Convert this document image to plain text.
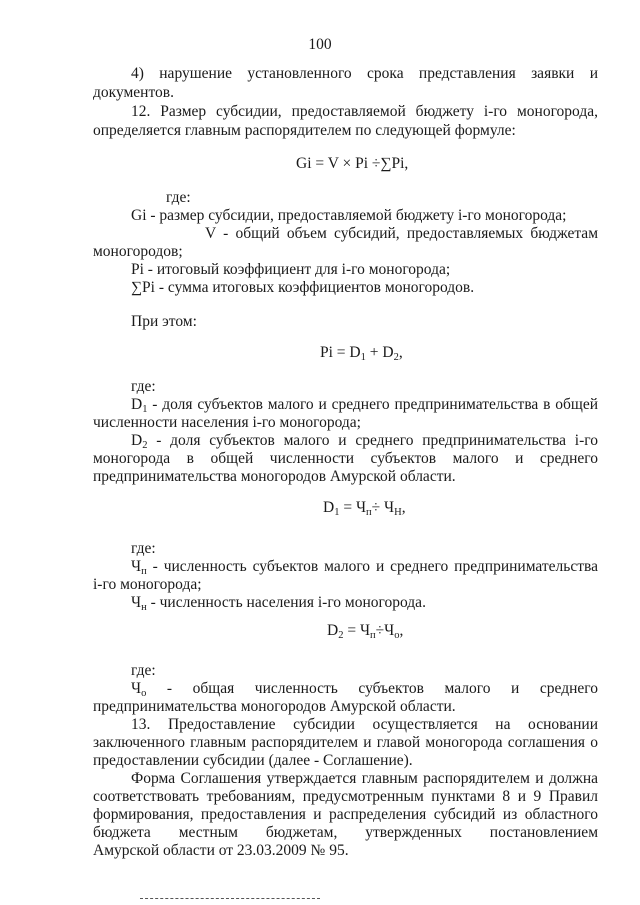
100
4) нарушение установленного срока представления заявки и
документов.
12. Размер субсидии, предоставляемой бюджету i-го моногорода,
определяется главным распорядителем по следующей формуле:
Gi = V × Pi ÷∑Pi,
где:
Gi - размер субсидии, предоставляемой бюджету i-го моногорода;
V - общий объем субсидий, предоставляемых бюджетам
моногородов;
Pi - итоговый коэффициент для i-го моногорода;
∑Pi - сумма итоговых коэффициентов моногородов.
При этом:
$Pi = D_1 + D_2$,
где:
$D_1$ - доля субъектов малого и среднего предпринимательства в общей
численности населения i-го моногорода;
$D_2$ - доля субъектов малого и среднего предпринимательства i-го
моногорода в общей численности субъектов малого и среднего
предпринимательства моногородов Амурской области.
$D_1 = Ч_п\div Ч_Н$,
где:
$Ч_п$ - численность субъектов малого и среднего предпринимательства
i-го моногорода;
$Ч_н$ - численность населения i-го моногорода.
$D_2 = Ч_п\div Ч_о$,
где:
$Ч_о$ - общая численность субъектов малого и среднего
предпринимательства моногородов Амурской области.
13. Предоставление субсидии осуществляется на основании
заключенного главным распорядителем и главой моногорода соглашения о
предоставлении субсидии (далее - Соглашение).
Форма Соглашения утверждается главным распорядителем и должна
соответствовать требованиям, предусмотренным пунктами 8 и 9 Правил
формирования, предоставления и распределения субсидий из областного
бюджета местным бюджетам, утвержденных постановлением
Амурской области от 23.03.2009 № 95.
